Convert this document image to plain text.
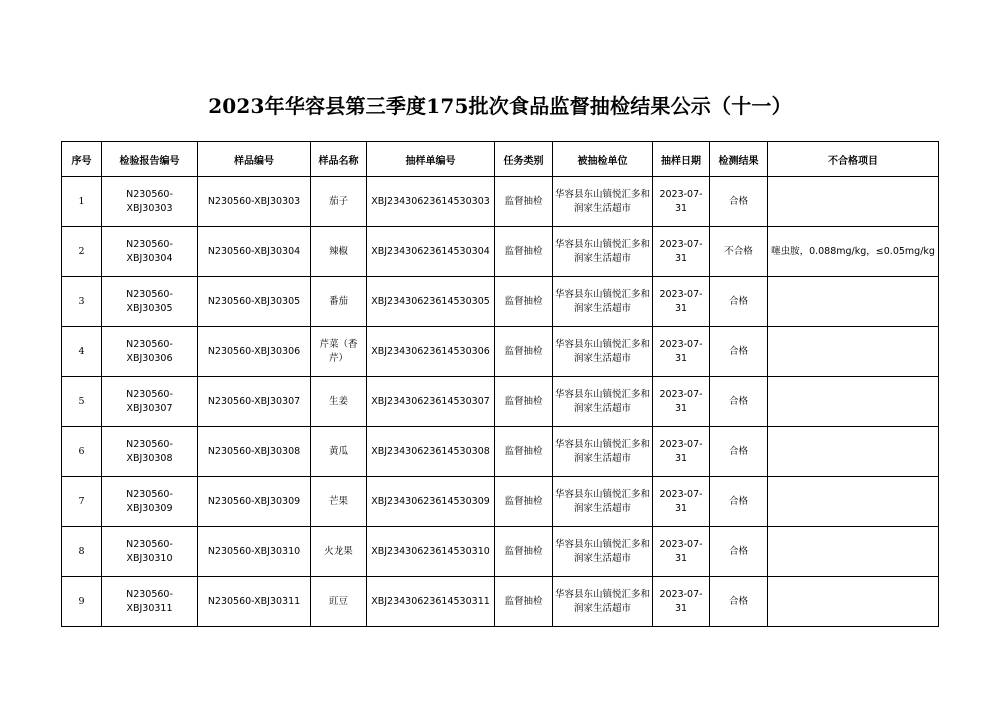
2023年华容县第三季度175批次食品监督抽检结果公示（十一）
序号	检验报告编号	样品编号	样品名称	抽样单编号	任务类别	被抽检单位	抽样日期	检测结果	不合格项目
1	N230560-XBJ30303	N230560-XBJ30303	茄子	XBJ23430623614530303	监督抽检	华容县东山镇悦汇多和润家生活超市	2023-07-31	合格	
2	N230560-XBJ30304	N230560-XBJ30304	辣椒	XBJ23430623614530304	监督抽检	华容县东山镇悦汇多和润家生活超市	2023-07-31	不合格	噻虫胺，0.088mg/kg，≤0.05mg/kg
3	N230560-XBJ30305	N230560-XBJ30305	番茄	XBJ23430623614530305	监督抽检	华容县东山镇悦汇多和润家生活超市	2023-07-31	合格	
4	N230560-XBJ30306	N230560-XBJ30306	芹菜（香芹）	XBJ23430623614530306	监督抽检	华容县东山镇悦汇多和润家生活超市	2023-07-31	合格	
5	N230560-XBJ30307	N230560-XBJ30307	生姜	XBJ23430623614530307	监督抽检	华容县东山镇悦汇多和润家生活超市	2023-07-31	合格	
6	N230560-XBJ30308	N230560-XBJ30308	黄瓜	XBJ23430623614530308	监督抽检	华容县东山镇悦汇多和润家生活超市	2023-07-31	合格	
7	N230560-XBJ30309	N230560-XBJ30309	芒果	XBJ23430623614530309	监督抽检	华容县东山镇悦汇多和润家生活超市	2023-07-31	合格	
8	N230560-XBJ30310	N230560-XBJ30310	火龙果	XBJ23430623614530310	监督抽检	华容县东山镇悦汇多和润家生活超市	2023-07-31	合格	
9	N230560-XBJ30311	N230560-XBJ30311	豇豆	XBJ23430623614530311	监督抽检	华容县东山镇悦汇多和润家生活超市	2023-07-31	合格	
